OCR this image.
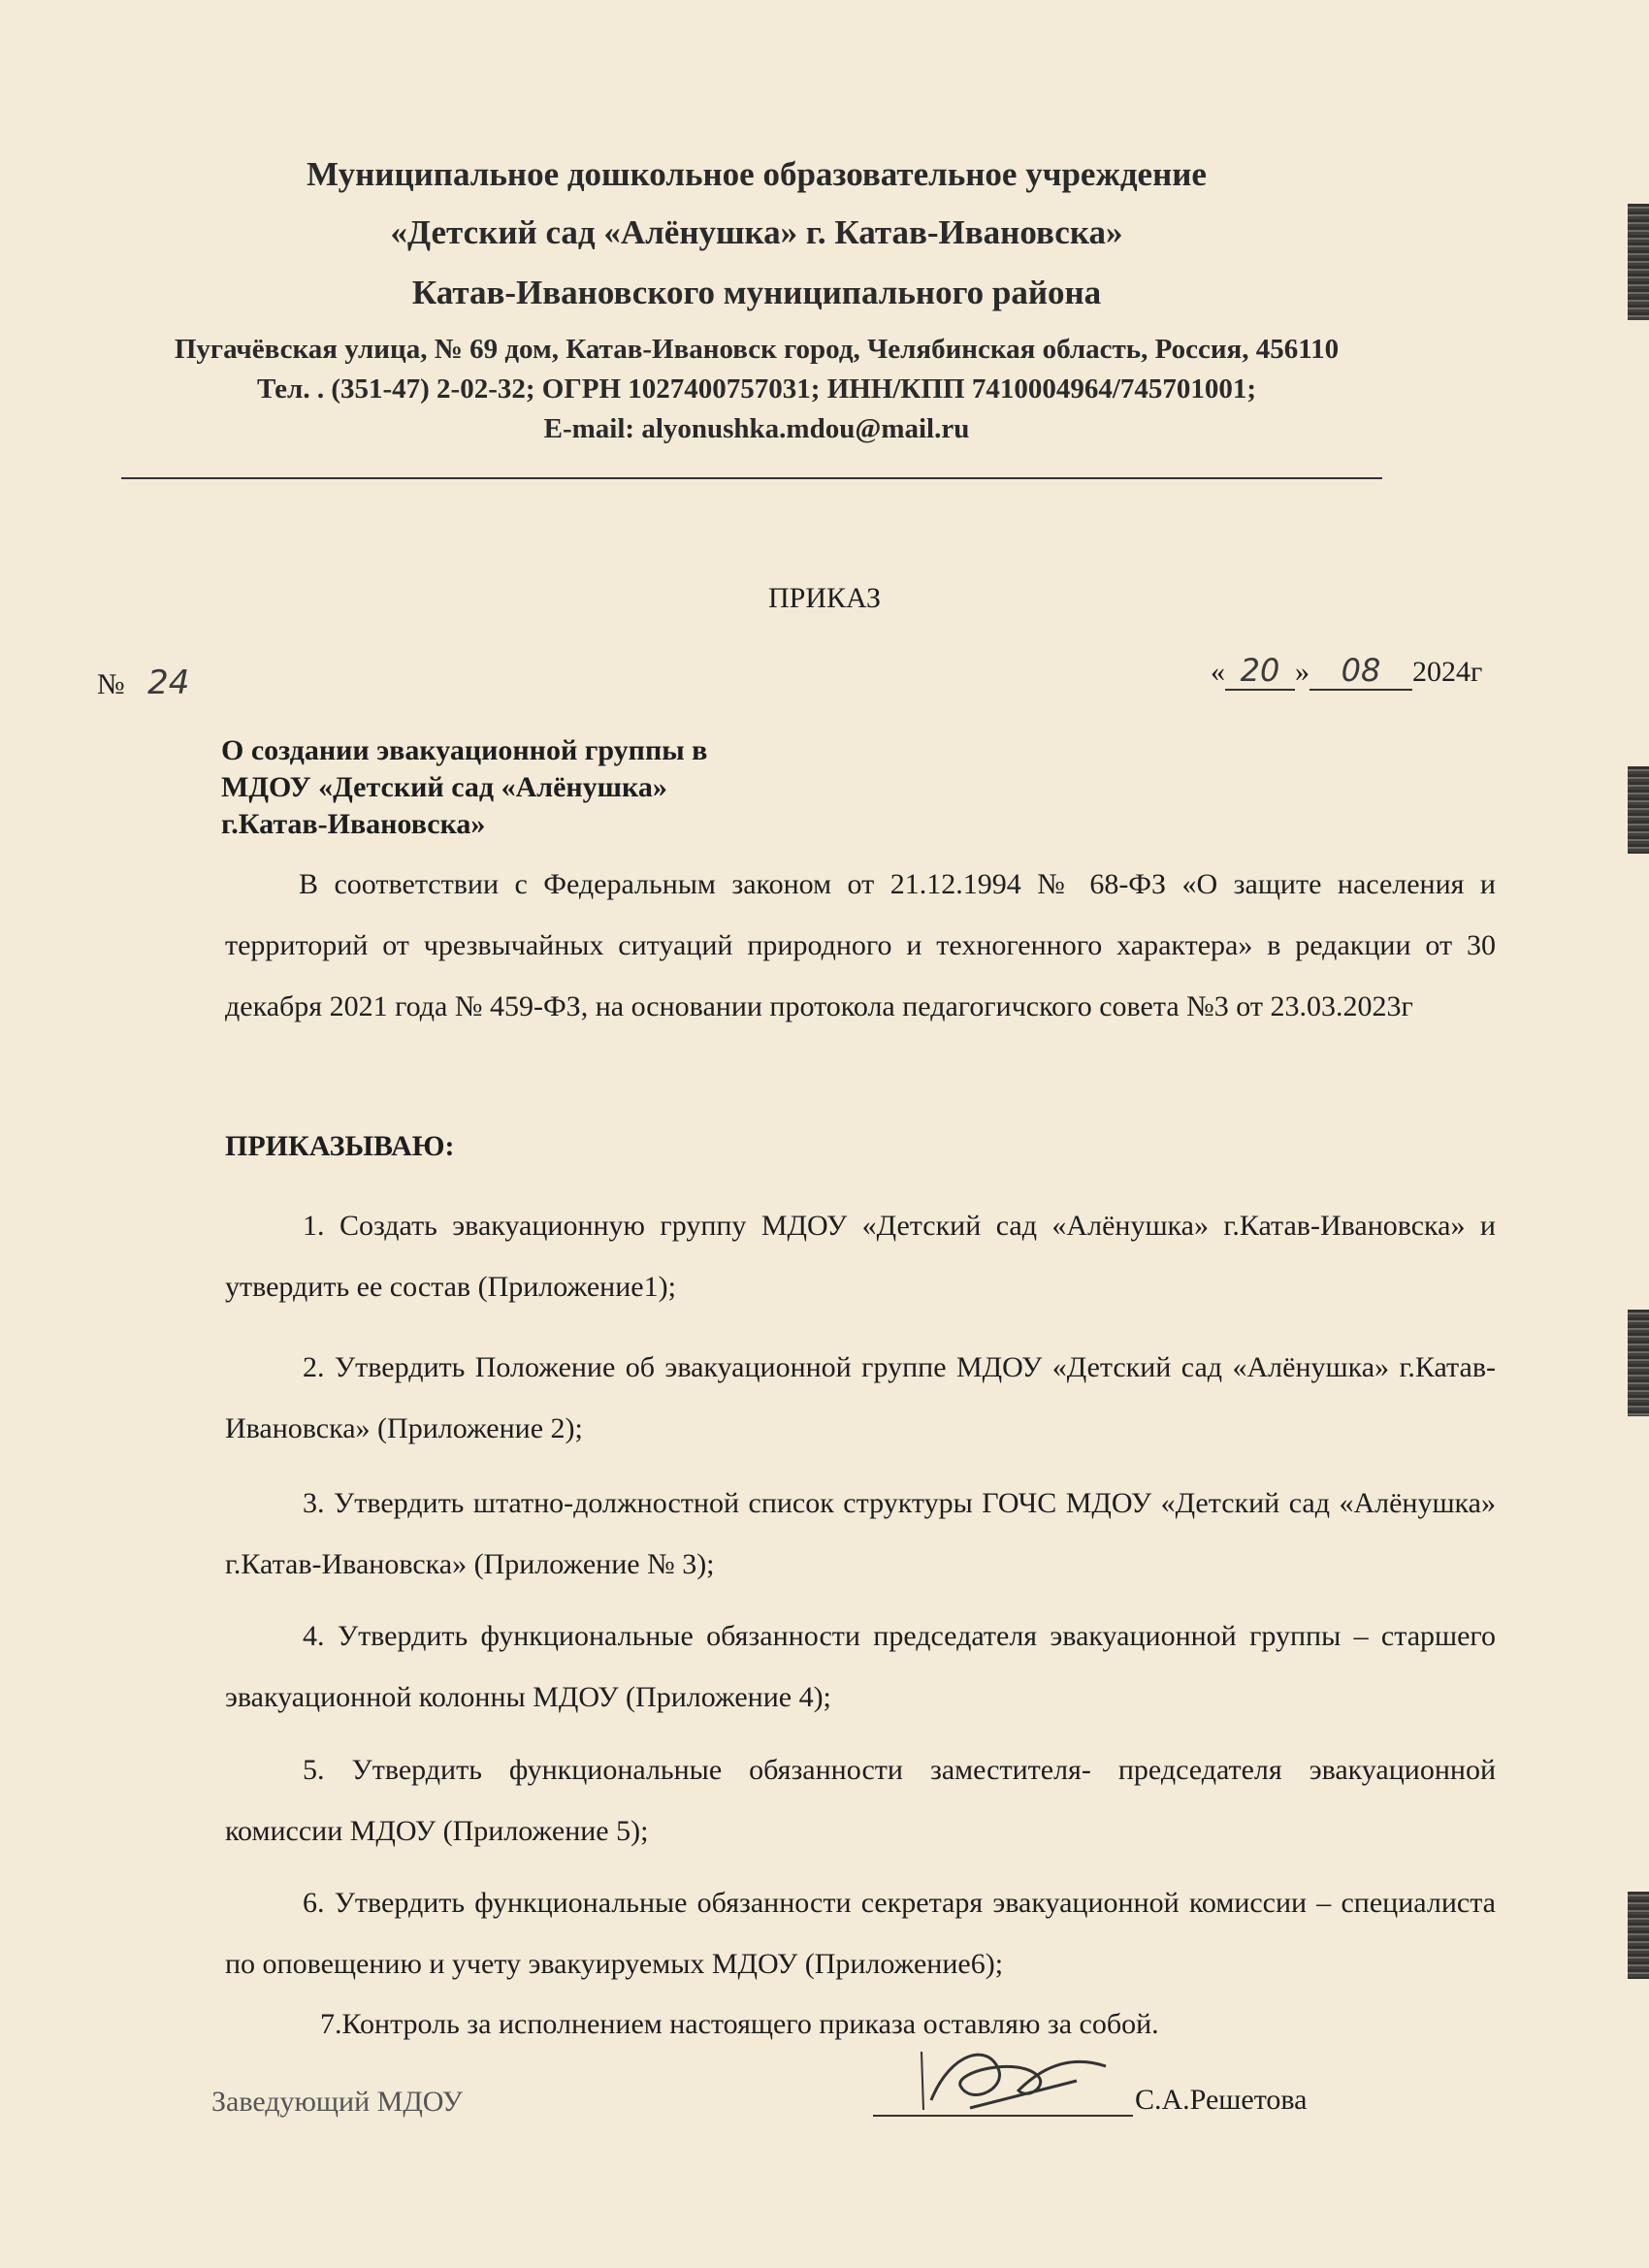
Муниципальное дошкольное образовательное учреждение
«Детский сад «Алёнушка» г. Катав-Ивановска»
Катав-Ивановского муниципального района
Пугачёвская улица, № 69 дом, Катав-Ивановск город, Челябинская область, Россия, 456110
Тел. . (351-47) 2-02-32; ОГРН 1027400757031; ИНН/КПП 7410004964/745701001;
E-mail: alyonushka.mdou@mail.ru
ПРИКАЗ
№ 24	« 20 » 08 2024г
О создании эвакуационной группы в
МДОУ «Детский сад «Алёнушка»
г.Катав-Ивановска»
В соответствии с Федеральным законом от 21.12.1994 № 68-ФЗ «О защите населения и территорий от чрезвычайных ситуаций природного и техногенного характера» в редакции от 30 декабря 2021 года № 459-ФЗ, на основании протокола педагогичского совета №3 от 23.03.2023г
ПРИКАЗЫВАЮ:
1. Создать эвакуационную группу МДОУ «Детский сад «Алёнушка» г.Катав-Ивановска» и утвердить ее состав (Приложение1);
2. Утвердить Положение об эвакуационной группе МДОУ «Детский сад «Алёнушка» г.Катав-Ивановска» (Приложение 2);
3. Утвердить штатно-должностной список структуры ГОЧС МДОУ «Детский сад «Алёнушка» г.Катав-Ивановска» (Приложение № 3);
4. Утвердить функциональные обязанности председателя эвакуационной группы – старшего эвакуационной колонны МДОУ (Приложение 4);
5. Утвердить функциональные обязанности заместителя- председателя эвакуационной комиссии МДОУ (Приложение 5);
6. Утвердить функциональные обязанности секретаря эвакуационной комиссии – специалиста по оповещению и учету эвакуируемых МДОУ (Приложение6);
7.Контроль за исполнением настоящего приказа оставляю за собой.
Заведующий МДОУ	С.А.Решетова
